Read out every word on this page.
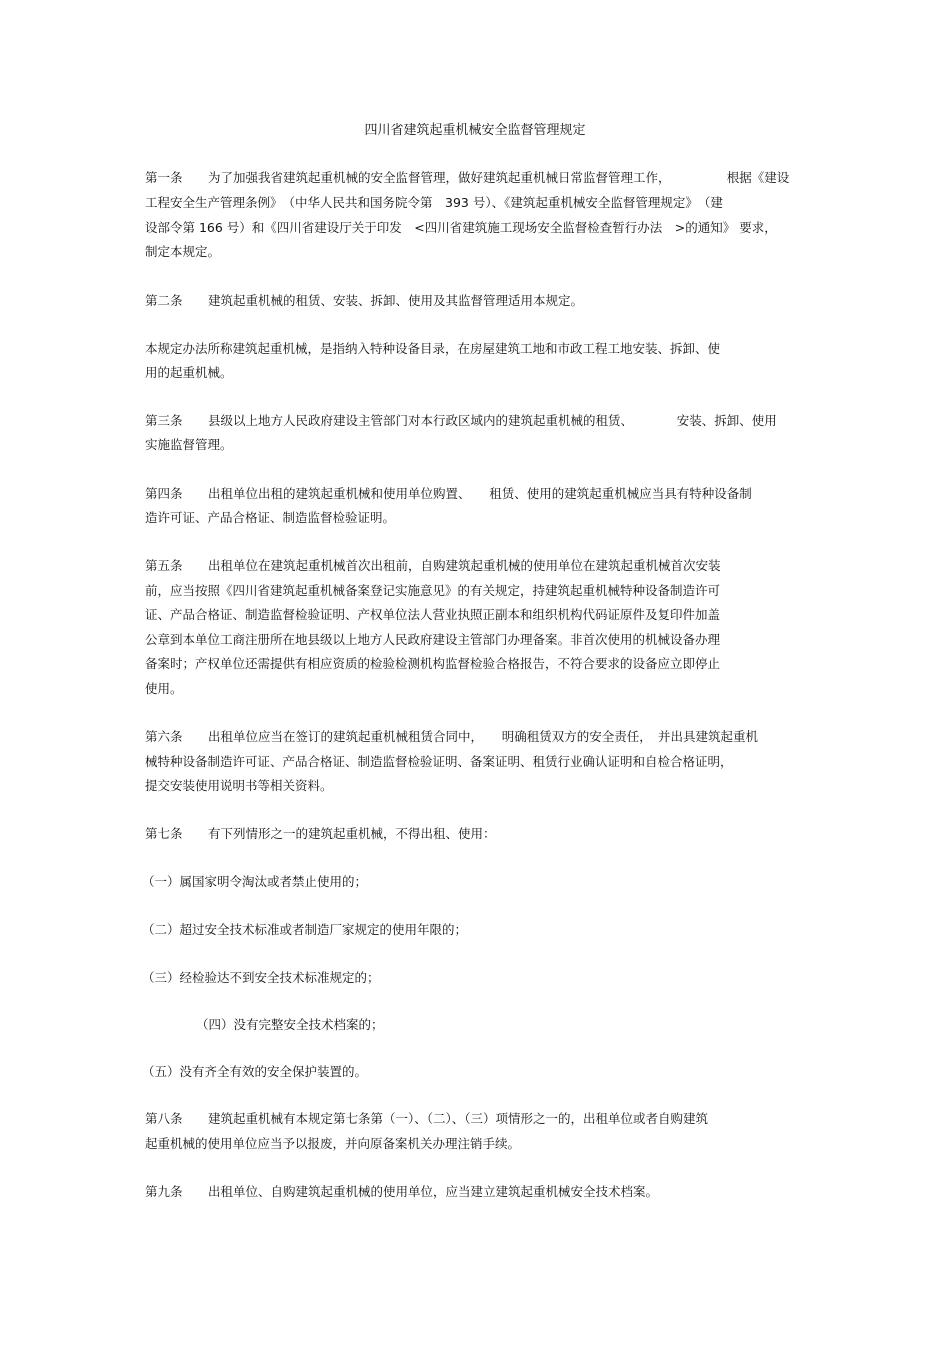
四川省建筑起重机械安全监督管理规定
第一条 为了加强我省建筑起重机械的安全监督管理，做好建筑起重机械日常监督管理工作，　　　　　根据《建设
工程安全生产管理条例》　（中华人民共和国务院令第　393 号）、《建筑起重机械安全监督管理规定》　（建
设部令第 166 号）和《四川省建设厅关于印发　<四川省建筑施工现场安全监督检查暂行办法　>的通知》 要求，
制定本规定。
第二条 建筑起重机械的租赁、安装、拆卸、使用及其监督管理适用本规定。
本规定办法所称建筑起重机械，是指纳入特种设备目录，在房屋建筑工地和市政工程工地安装、拆卸、使
用的起重机械。
第三条 县级以上地方人民政府建设主管部门对本行政区域内的建筑起重机械的租赁、　　　　安装、拆卸、使用
实施监督管理。
第四条 出租单位出租的建筑起重机械和使用单位购置、　　租赁、使用的建筑起重机械应当具有特种设备制
造许可证、产品合格证、制造监督检验证明。
第五条 出租单位在建筑起重机械首次出租前，自购建筑起重机械的使用单位在建筑起重机械首次安装
前，应当按照《四川省建筑起重机械备案登记实施意见》的有关规定，持建筑起重机械特种设备制造许可
证、产品合格证、制造监督检验证明、产权单位法人营业执照正副本和组织机构代码证原件及复印件加盖
公章到本单位工商注册所在地县级以上地方人民政府建设主管部门办理备案。非首次使用的机械设备办理
备案时；产权单位还需提供有相应资质的检验检测机构监督检验合格报告，不符合要求的设备应立即停止
使用。
第六条 出租单位应当在签订的建筑起重机械租赁合同中，　　明确租赁双方的安全责任，　并出具建筑起重机
械特种设备制造许可证、产品合格证、制造监督检验证明、备案证明、租赁行业确认证明和自检合格证明，
提交安装使用说明书等相关资料。
第七条 有下列情形之一的建筑起重机械，不得出租、使用：
（一）属国家明令淘汰或者禁止使用的；
（二）超过安全技术标准或者制造厂家规定的使用年限的；
（三）经检验达不到安全技术标准规定的；
（四）没有完整安全技术档案的；
（五）没有齐全有效的安全保护装置的。
第八条 建筑起重机械有本规定第七条第（一）、（二）、（三）项情形之一的，出租单位或者自购建筑
起重机械的使用单位应当予以报废，并向原备案机关办理注销手续。
第九条 出租单位、自购建筑起重机械的使用单位，应当建立建筑起重机械安全技术档案。
